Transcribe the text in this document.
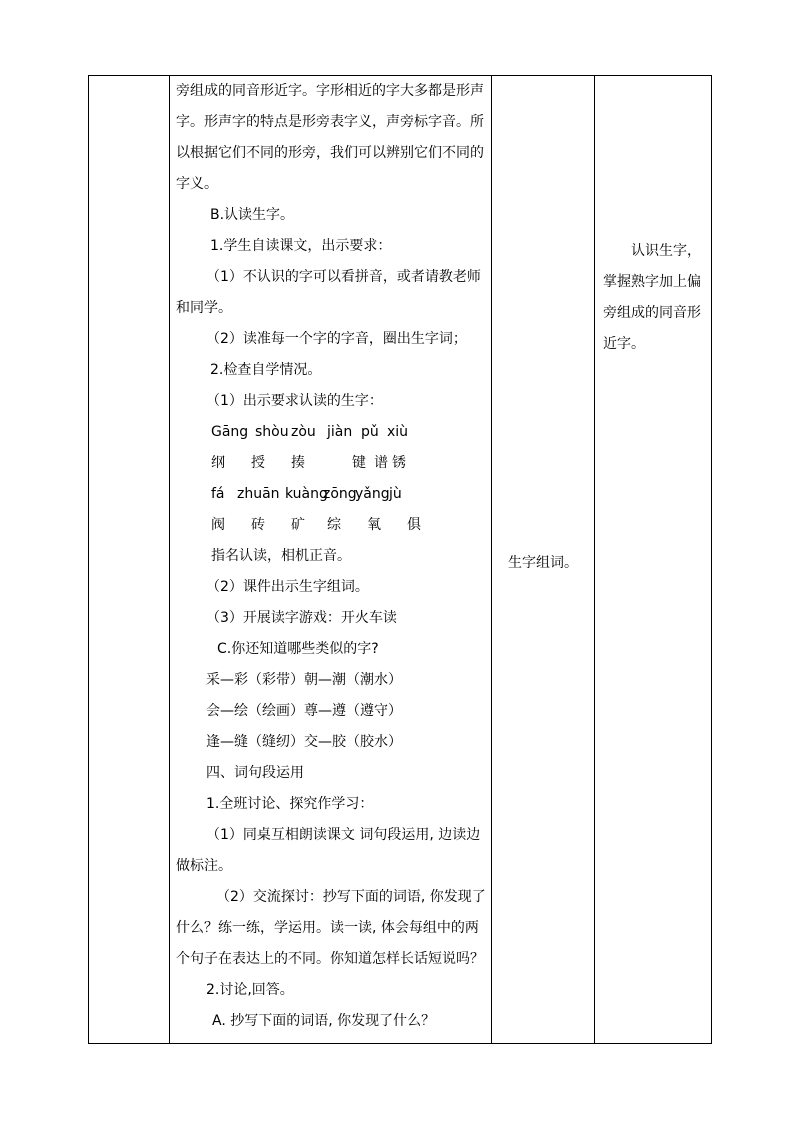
旁组成的同音形近字。字形相近的字大多都是形声

字。形声字的特点是形旁表字义，声旁标字音。所

以根据它们不同的形旁，我们可以辨别它们不同的

字义。

B.认读生字。

1.学生自读课文，出示要求：

（1）不认识的字可以看拼音，或者请教老师

和同学。

（2）读准每一个字的字音，圈出生字词；

2.检查自学情况。

（1）出示要求认读的生字：

Gāng shòu zòu jiàn pǔ xiù

纲 授 揍	键 谱 锈

fá zhuān kuàngzōngyǎngjù

阀 砖 矿 综 氧 俱

指名认读，相机正音。

（2）课件出示生字组词。

（3）开展读字游戏：开火车读

C.你还知道哪些类似的字?

采—彩（彩带）朝—潮（潮水）

会—绘（绘画）尊—遵（遵守）

逢—缝（缝纫）交—胶（胶水）

四、词句段运用

1.全班讨论、探究作学习：

（1）同桌互相朗读课文 词句段运用, 边读边

做标注。

（2）交流探讨：抄写下面的词语, 你发现了

什么？练一练，学运用。读一读, 体会每组中的两

个句子在表达上的不同。你知道怎样长话短说吗？

2.讨论,回答。

A. 抄写下面的词语, 你发现了什么？

生字组词。

认识生字，掌握熟字加上偏旁组成的同音形近字。
